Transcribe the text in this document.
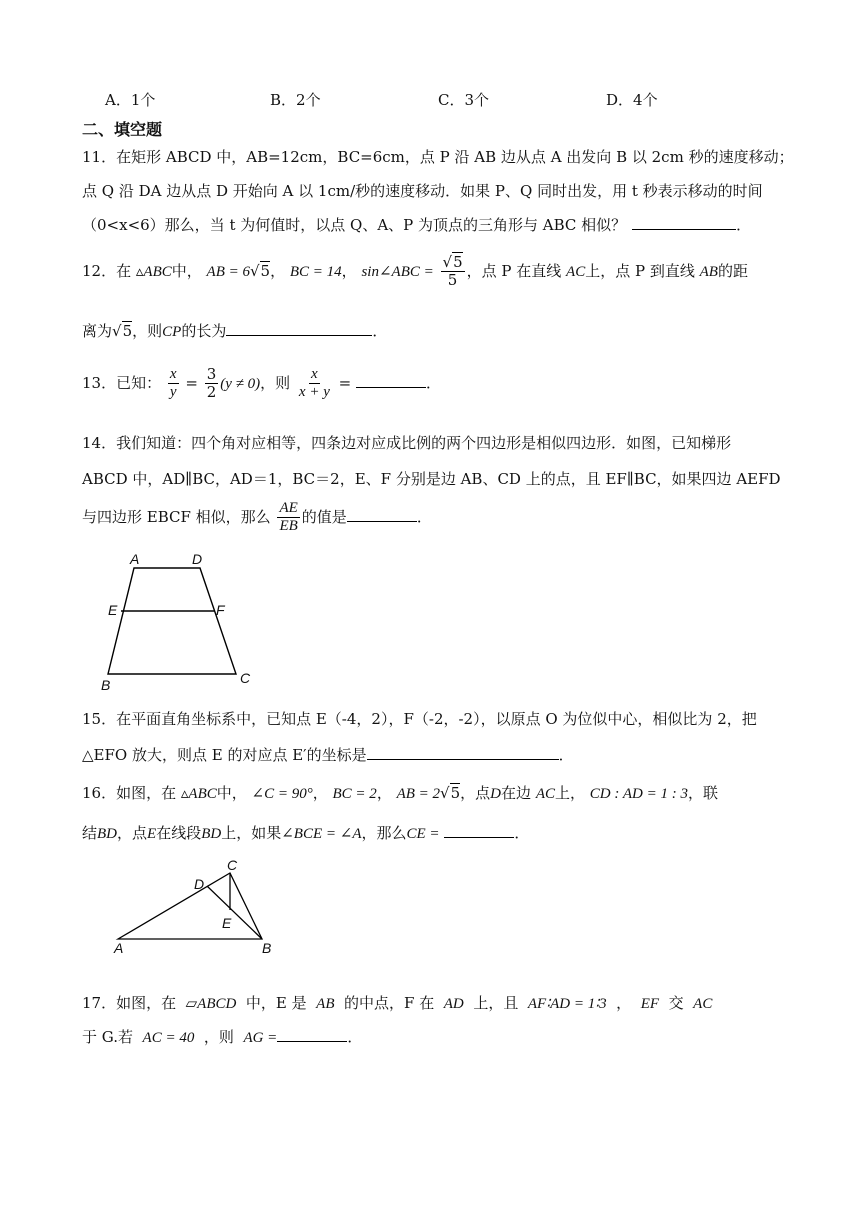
A．1个	B．2个	C．3个	D．4个
二、填空题
11．在矩形 ABCD 中，AB=12cm，BC=6cm，点 P 沿 AB 边从点 A 出发向 B 以 2cm 秒的速度移动；
点 Q 沿 DA 边从点 D 开始向 A 以 1cm/秒的速度移动．如果 P、Q 同时出发，用 t 秒表示移动的时间
（0<x<6）那么，当 t 为何值时，以点 Q、A、P 为顶点的三角形与 ABC 相似？	．
12．在 ▵ABC中， AB = 6√5， BC = 14， sin∠ABC = $\frac{√5}{5}$ ，点 P 在直线 AC上，点 P 到直线 AB的距
离为√5，则CP的长为	．
13．已知： $\frac{x}{y} = \frac{3}{2} (y \ne 0)$，则 $\frac{x}{x + y}$ =	．
14．我们知道：四个角对应相等，四条边对应成比例的两个四边形是相似四边形．如图，已知梯形
ABCD 中，AD∥BC，AD＝1，BC＝2，E、F 分别是边 AB、CD 上的点，且 EF∥BC，如果四边 AEFD
与四边形 EBCF 相似，那么 $\frac{AE}{EB}$ 的值是	．
A	D
E	F
B	C
15．在平面直角坐标系中，已知点 E（-4，2），F（-2，-2），以原点 O 为位似中心，相似比为 2，把
△EFO 放大，则点 E 的对应点 E′的坐标是	．
16．如图，在 ▵ABC中， ∠C = 90°， BC = 2， AB = 2√5，点D在边 AC上， CD : AD = 1 : 3，联
结BD，点E在线段BD上，如果∠BCE = ∠A，那么CE =	．
C
D
E
A	B
17．如图，在 ▱ABCD 中，E 是 AB 的中点，F 在 AD 上，且 AF∶AD = 1∶3 ， EF 交 AC
于 G.若 AC = 40 ，则 AG =	．
